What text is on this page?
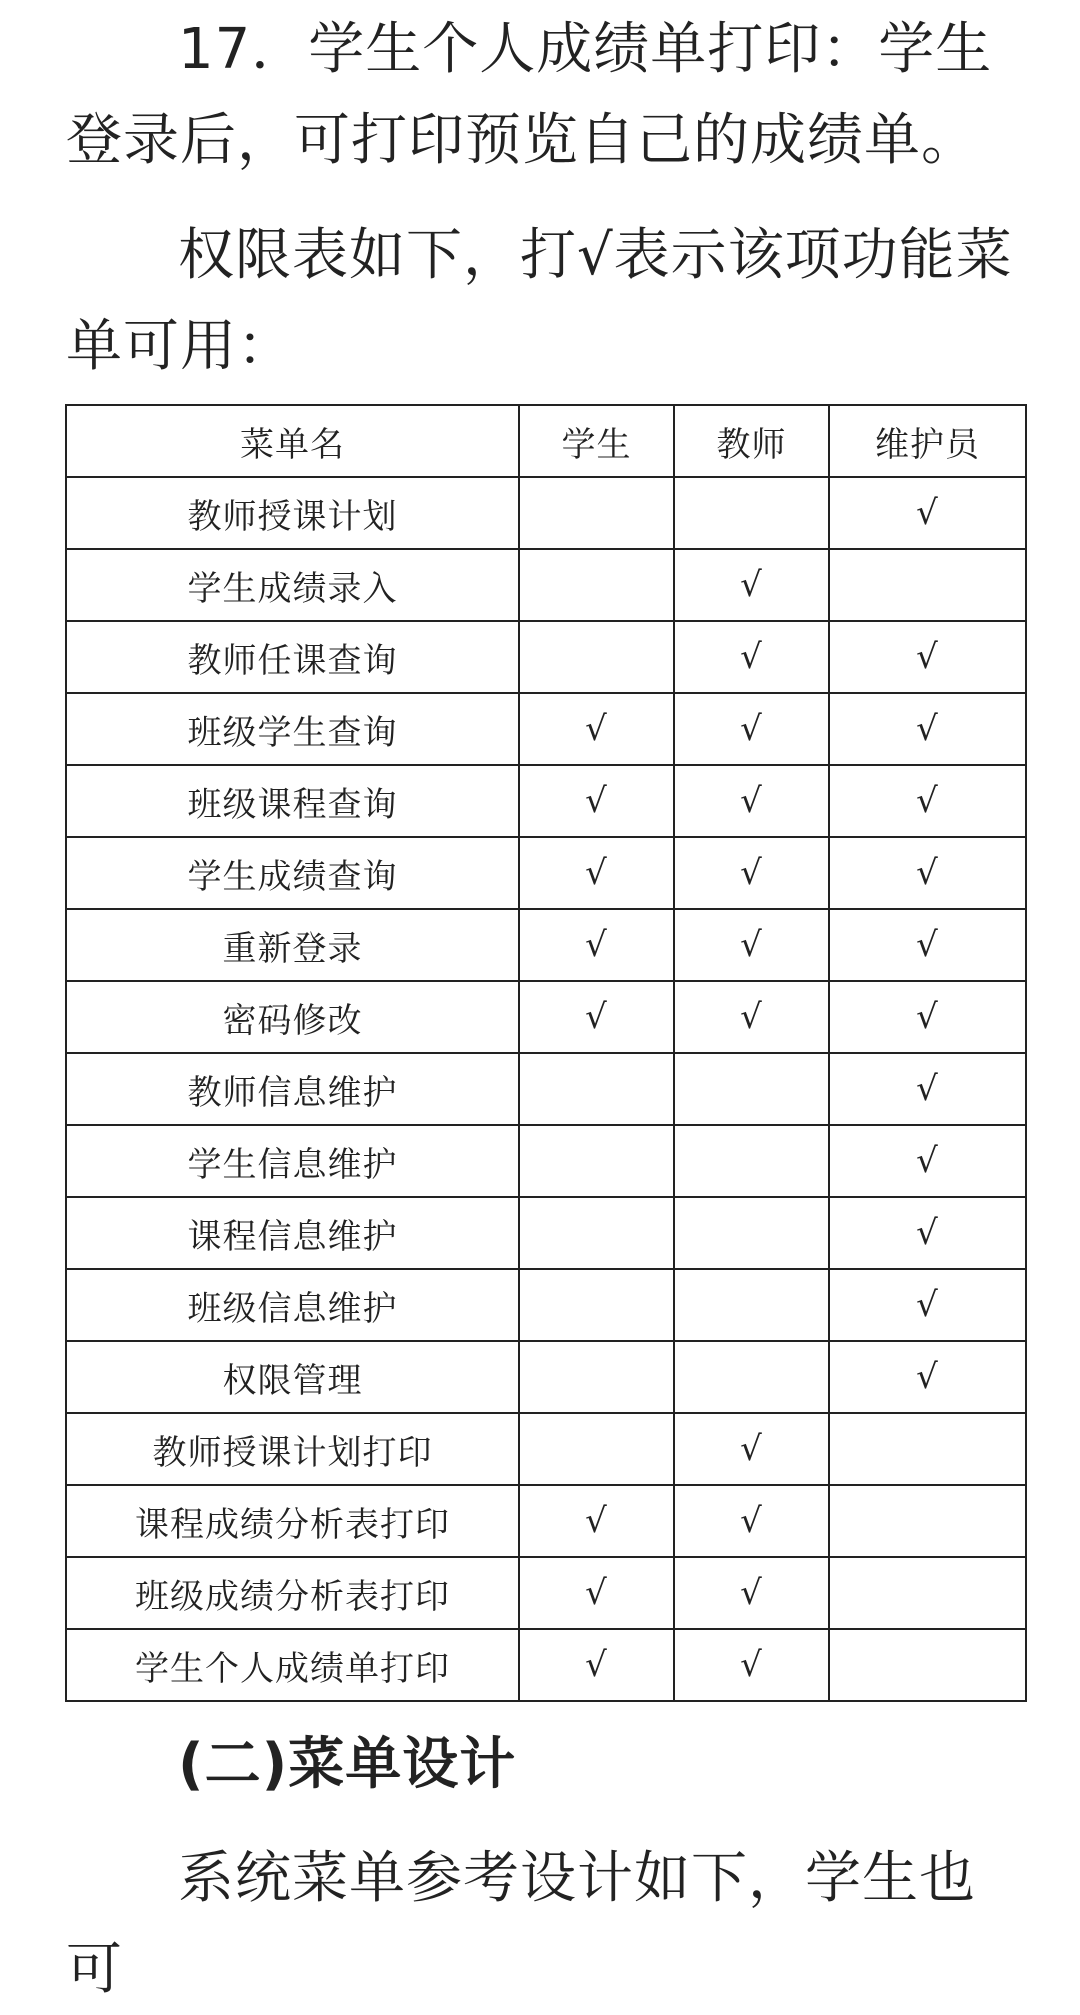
17．学生个人成绩单打印：学生登录后，可打印预览自己的成绩单。

权限表如下，打√表示该项功能菜单可用：

菜单名	学生	教师	维护员
教师授课计划			√
学生成绩录入		√	
教师任课查询		√	√
班级学生查询	√	√	√
班级课程查询	√	√	√
学生成绩查询	√	√	√
重新登录	√	√	√
密码修改	√	√	√
教师信息维护			√
学生信息维护			√
课程信息维护			√
班级信息维护			√
权限管理			√
教师授课计划打印		√	
课程成绩分析表打印	√	√	
班级成绩分析表打印	√	√	
学生个人成绩单打印	√	√	
(二)菜单设计

系统菜单参考设计如下，学生也可
